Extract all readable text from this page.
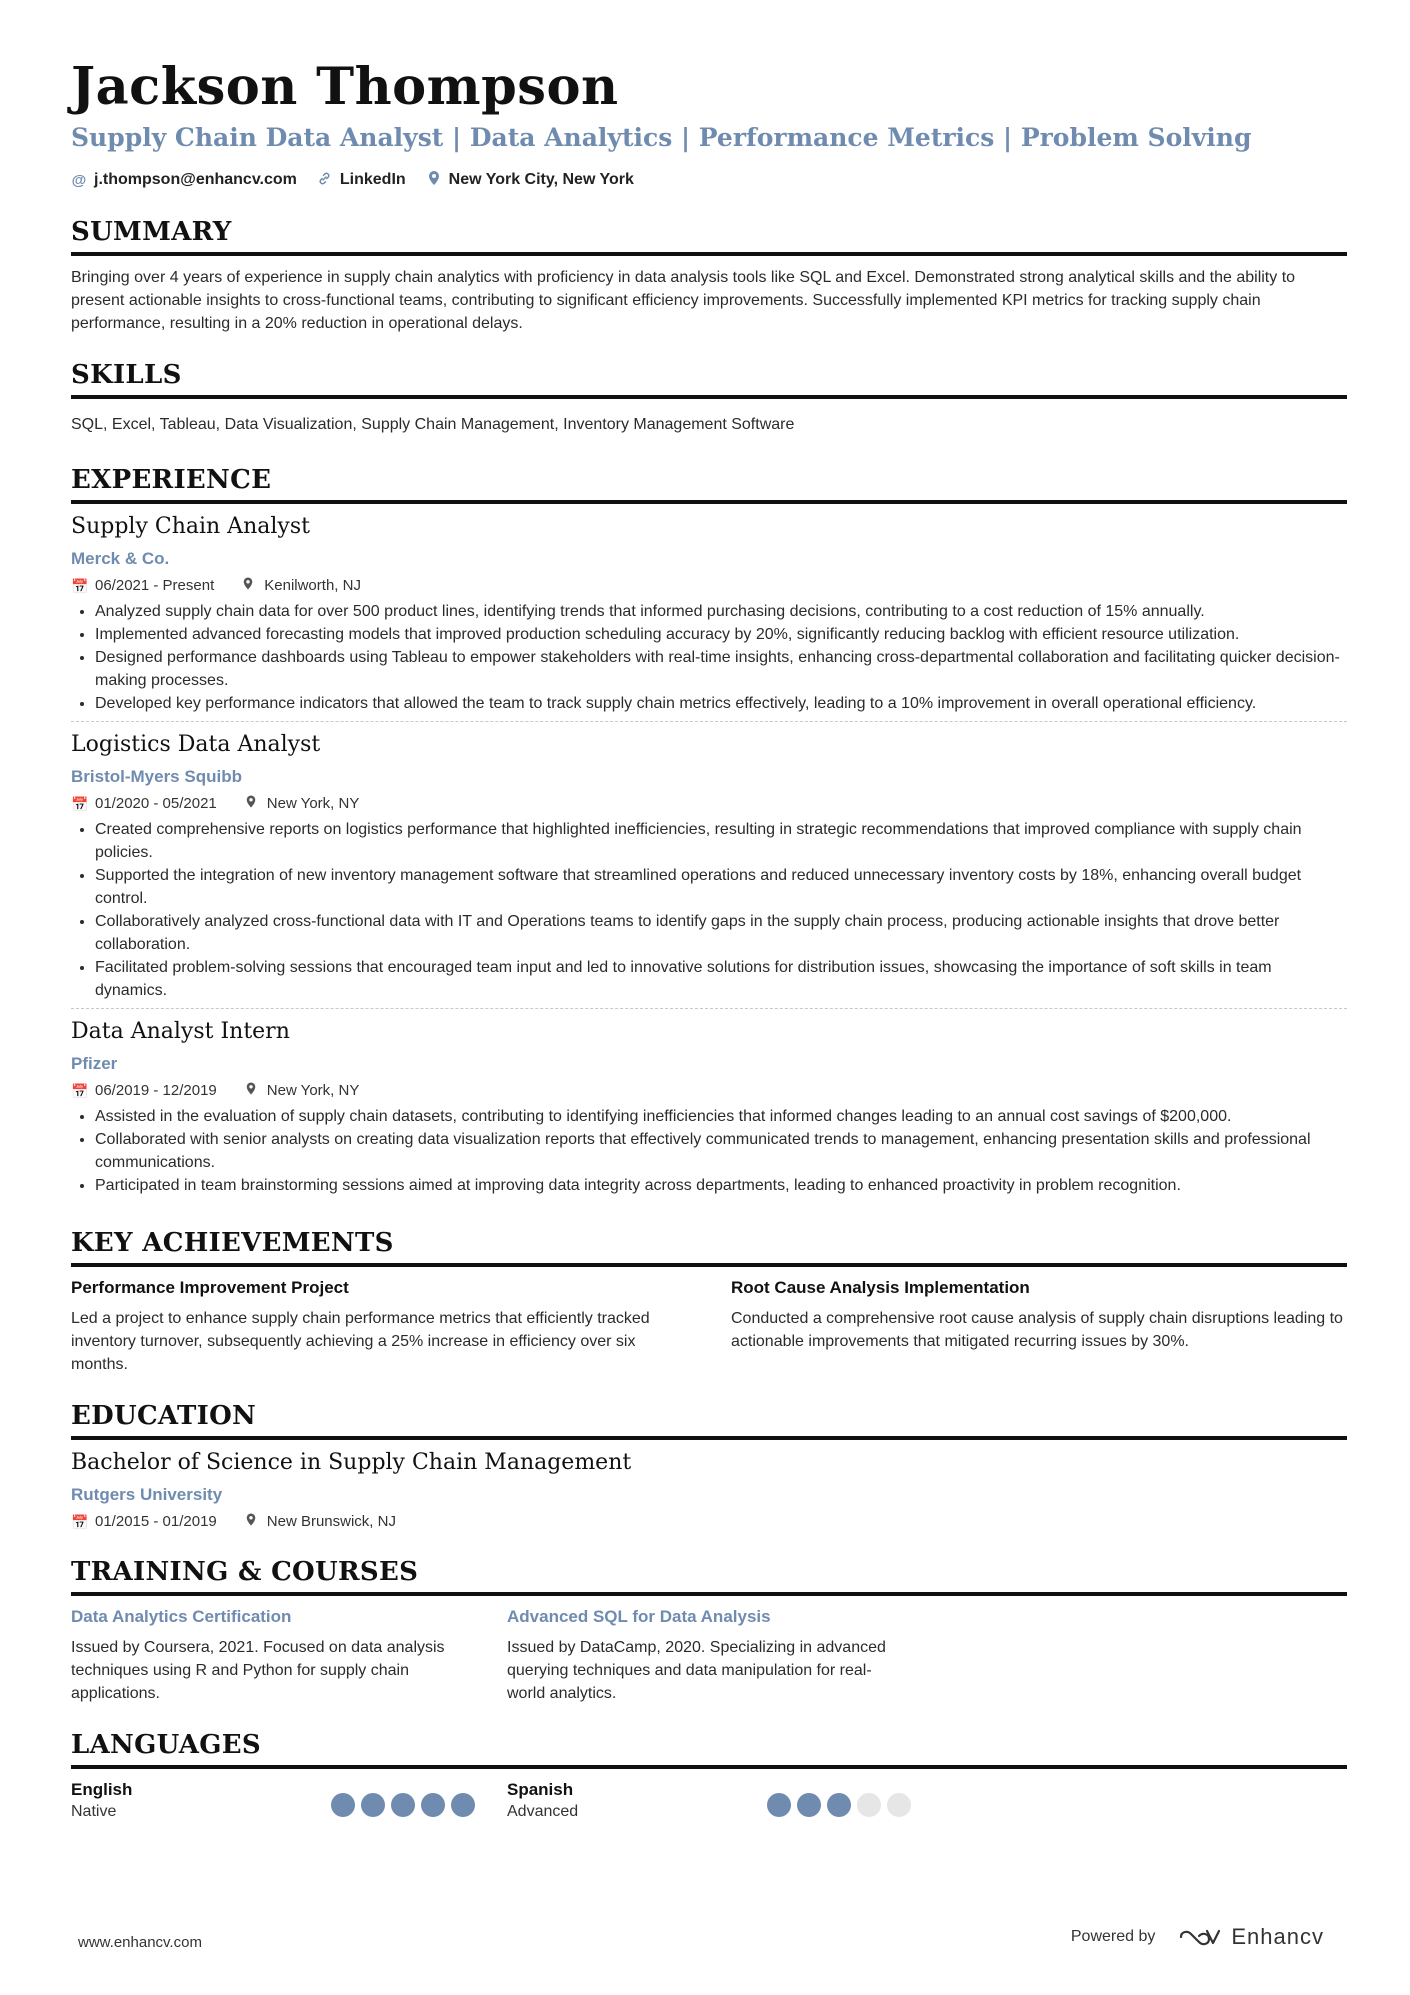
Jackson Thompson
Supply Chain Data Analyst | Data Analytics | Performance Metrics | Problem Solving
@ j.thompson@enhancv.com	LinkedIn	New York City, New York
SUMMARY
Bringing over 4 years of experience in supply chain analytics with proficiency in data analysis tools like SQL and Excel. Demonstrated strong analytical skills and the ability to present actionable insights to cross-functional teams, contributing to significant efficiency improvements. Successfully implemented KPI metrics for tracking supply chain performance, resulting in a 20% reduction in operational delays.
SKILLS
SQL, Excel, Tableau, Data Visualization, Supply Chain Management, Inventory Management Software
EXPERIENCE
Supply Chain Analyst
Merck & Co.
📅 06/2021 - Present	Kenilworth, NJ
• Analyzed supply chain data for over 500 product lines, identifying trends that informed purchasing decisions, contributing to a cost reduction of 15% annually.
• Implemented advanced forecasting models that improved production scheduling accuracy by 20%, significantly reducing backlog with efficient resource utilization.
• Designed performance dashboards using Tableau to empower stakeholders with real-time insights, enhancing cross-departmental collaboration and facilitating quicker decision-making processes.
• Developed key performance indicators that allowed the team to track supply chain metrics effectively, leading to a 10% improvement in overall operational efficiency.
Logistics Data Analyst
Bristol-Myers Squibb
📅 01/2020 - 05/2021	New York, NY
• Created comprehensive reports on logistics performance that highlighted inefficiencies, resulting in strategic recommendations that improved compliance with supply chain policies.
• Supported the integration of new inventory management software that streamlined operations and reduced unnecessary inventory costs by 18%, enhancing overall budget control.
• Collaboratively analyzed cross-functional data with IT and Operations teams to identify gaps in the supply chain process, producing actionable insights that drove better collaboration.
• Facilitated problem-solving sessions that encouraged team input and led to innovative solutions for distribution issues, showcasing the importance of soft skills in team dynamics.
Data Analyst Intern
Pfizer
📅 06/2019 - 12/2019	New York, NY
• Assisted in the evaluation of supply chain datasets, contributing to identifying inefficiencies that informed changes leading to an annual cost savings of $200,000.
• Collaborated with senior analysts on creating data visualization reports that effectively communicated trends to management, enhancing presentation skills and professional communications.
• Participated in team brainstorming sessions aimed at improving data integrity across departments, leading to enhanced proactivity in problem recognition.
KEY ACHIEVEMENTS
Performance Improvement Project
Led a project to enhance supply chain performance metrics that efficiently tracked inventory turnover, subsequently achieving a 25% increase in efficiency over six months.
Root Cause Analysis Implementation
Conducted a comprehensive root cause analysis of supply chain disruptions leading to actionable improvements that mitigated recurring issues by 30%.
EDUCATION
Bachelor of Science in Supply Chain Management
Rutgers University
📅 01/2015 - 01/2019	New Brunswick, NJ
TRAINING & COURSES
Data Analytics Certification
Issued by Coursera, 2021. Focused on data analysis techniques using R and Python for supply chain applications.
Advanced SQL for Data Analysis
Issued by DataCamp, 2020. Specializing in advanced querying techniques and data manipulation for real-world analytics.
LANGUAGES
English
Native
Spanish
Advanced
www.enhancv.com	Powered by	Enhancv
